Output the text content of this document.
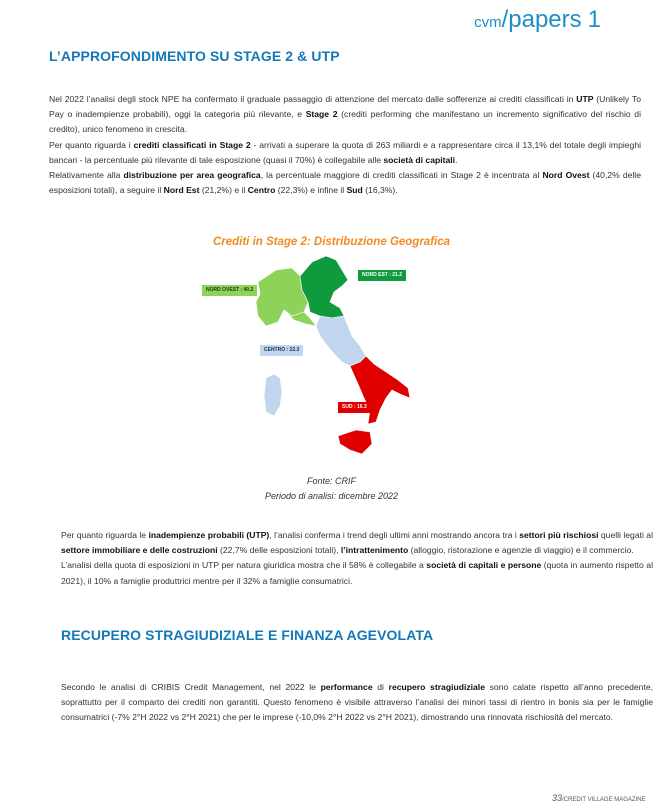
cvm/papers 1
L’APPROFONDIMENTO SU STAGE 2 & UTP
Nel 2022 l’analisi degli stock NPE ha confermato il graduale passaggio di attenzione del mercato dalle sofferenze ai crediti classificati in UTP (Unlikely To Pay o inadempienze probabili), oggi la categoria più rilevante, e Stage 2 (crediti performing che manifestano un incremento significativo del rischio di credito), unico fenomeno in crescita.
Per quanto riguarda i crediti classificati in Stage 2 - arrivati a superare la quota di 263 miliardi e a rappresentare circa il 13,1% del totale degli impieghi bancari - la percentuale più rilevante di tale esposizione (quasi il 70%) è collegabile alle società di capitali.
Relativamente alla distribuzione per area geografica, la percentuale maggiore di crediti classificati in Stage 2 è incentrata al Nord Ovest (40,2% delle esposizioni totali), a seguire il Nord Est (21,2%) e il Centro (22,3%) e infine il Sud (16,3%).
Crediti in Stage 2: Distribuzione Geografica
NORD OVEST : 40.2
NORD EST : 21.2
CENTRO : 22.3
SUD : 16.3
Fonte: CRIF
Periodo di analisi: dicembre 2022
Per quanto riguarda le inadempienze probabili (UTP), l’analisi conferma i trend degli ultimi anni mostrando ancora tra i settori più rischiosi quelli legati al settore immobiliare e delle costruzioni (22,7% delle esposizioni totali), l’intrattenimento (alloggio, ristorazione e agenzie di viaggio) e il commercio.
L’analisi della quota di esposizioni in UTP per natura giuridica mostra che il 58% è collegabile a società di capitali e persone (quota in aumento rispetto al 2021), il 10% a famiglie produttrici mentre per il 32% a famiglie consumatrici.
RECUPERO STRAGIUDIZIALE E FINANZA AGEVOLATA
Secondo le analisi di CRIBIS Credit Management, nel 2022 le performance di recupero stragiudiziale sono calate rispetto all’anno precedente, soprattutto per il comparto dei crediti non garantiti. Questo fenomeno è visibile attraverso l’analisi dei minori tassi di rientro in bonis sia per le famiglie consumatrici (-7% 2°H 2022 vs 2°H 2021) che per le imprese (-10,0% 2°H 2022 vs 2°H 2021), dimostrando una rinnovata rischiosità del mercato.
33/CREDIT VILLAGE MAGAZINE
